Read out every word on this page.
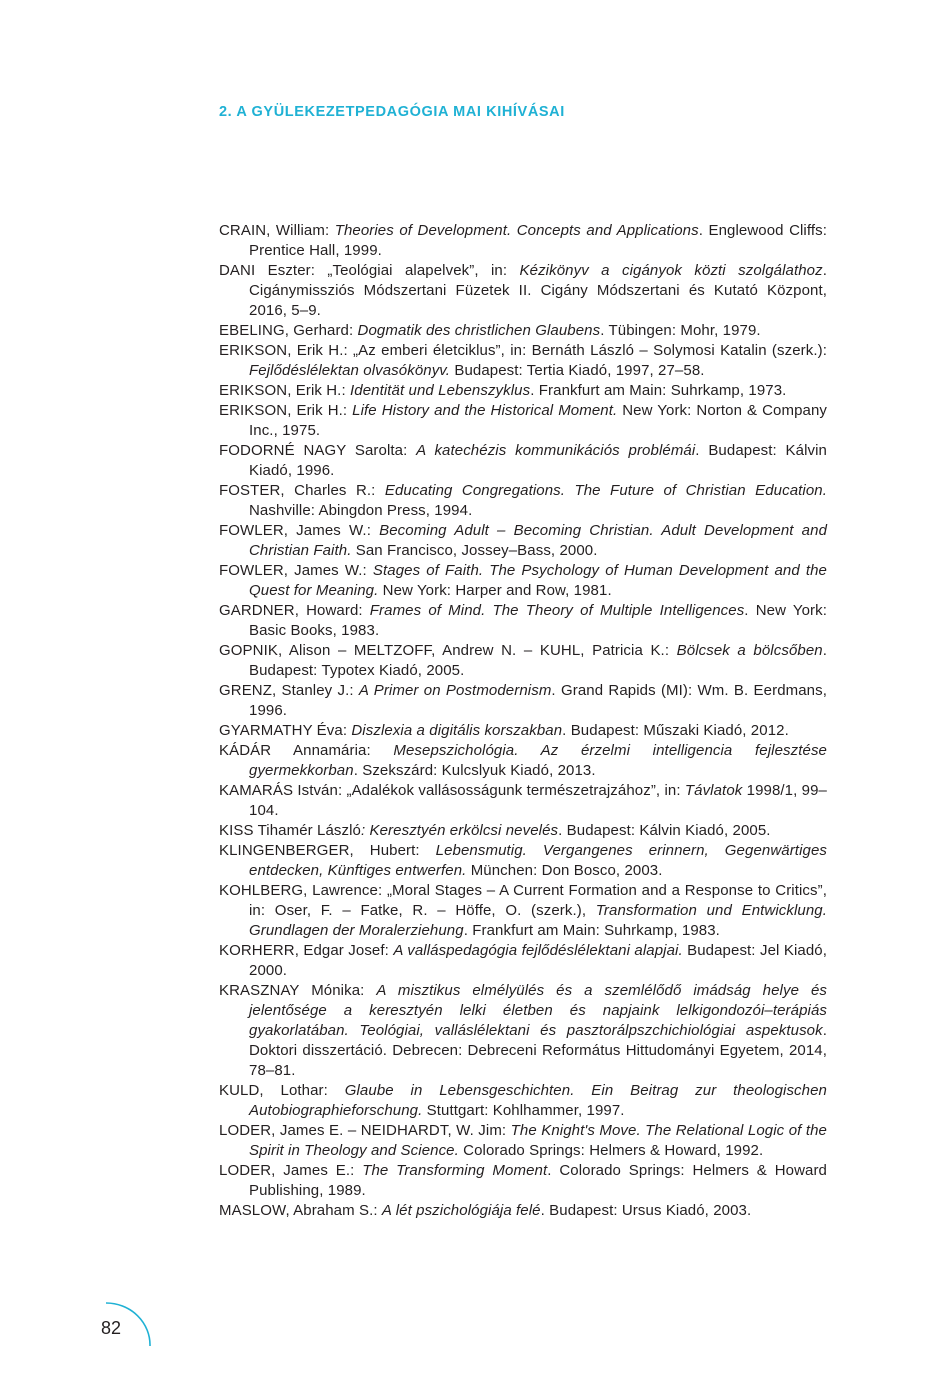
2. A GYÜLEKEZETPEDAGÓGIA MAI KIHÍVÁSAI
CRAIN, William: Theories of Development. Concepts and Applications. Englewood Cliffs: Prentice Hall, 1999.
DANI Eszter: „Teológiai alapelvek”, in: Kézikönyv a cigányok közti szolgálathoz. Cigánymissziós Módszertani Füzetek II. Cigány Módszertani és Kutató Központ, 2016, 5–9.
EBELING, Gerhard: Dogmatik des christlichen Glaubens. Tübingen: Mohr, 1979.
ERIKSON, Erik H.: „Az emberi életciklus”, in: Bernáth László – Solymosi Katalin (szerk.): Fejlődéslélektan olvasókönyv. Budapest: Tertia Kiadó, 1997, 27–58.
ERIKSON, Erik H.: Identität und Lebenszyklus. Frankfurt am Main: Suhrkamp, 1973.
ERIKSON, Erik H.: Life History and the Historical Moment. New York: Norton & Company Inc., 1975.
FODORNÉ NAGY Sarolta: A katechézis kommunikációs problémái. Budapest: Kálvin Kiadó, 1996.
FOSTER, Charles R.: Educating Congregations. The Future of Christian Education. Nashville: Abingdon Press, 1994.
FOWLER, James W.: Becoming Adult – Becoming Christian. Adult Development and Christian Faith. San Francisco, Jossey–Bass, 2000.
FOWLER, James W.: Stages of Faith. The Psychology of Human Development and the Quest for Meaning. New York: Harper and Row, 1981.
GARDNER, Howard: Frames of Mind. The Theory of Multiple Intelligences. New York: Basic Books, 1983.
GOPNIK, Alison – MELTZOFF, Andrew N. – KUHL, Patricia K.: Bölcsek a bölcsőben. Budapest: Typotex Kiadó, 2005.
GRENZ, Stanley J.: A Primer on Postmodernism. Grand Rapids (MI): Wm. B. Eerdmans, 1996.
GYARMATHY Éva: Diszlexia a digitális korszakban. Budapest: Műszaki Kiadó, 2012.
KÁDÁR Annamária: Mesepszichológia. Az érzelmi intelligencia fejlesztése gyermekkorban. Szekszárd: Kulcslyuk Kiadó, 2013.
KAMARÁS István: „Adalékok vallásosságunk természetrajzához”, in: Távlatok 1998/1, 99–104.
KISS Tihamér László: Keresztyén erkölcsi nevelés. Budapest: Kálvin Kiadó, 2005.
KLINGENBERGER, Hubert: Lebensmutig. Vergangenes erinnern, Gegenwärtiges entdecken, Künftiges entwerfen. München: Don Bosco, 2003.
KOHLBERG, Lawrence: „Moral Stages – A Current Formation and a Response to Critics”, in: Oser, F. – Fatke, R. – Höffe, O. (szerk.), Transformation und Entwicklung. Grundlagen der Moralerziehung. Frankfurt am Main: Suhrkamp, 1983.
KORHERR, Edgar Josef: A valláspedagógia fejlődéslélektani alapjai. Budapest: Jel Kiadó, 2000.
KRASZNAY Mónika: A misztikus elmélyülés és a szemlélődő imádság helye és jelentősége a keresztyén lelki életben és napjaink lelkigondozói–terápiás gyakorlatában. Teológiai, valláslélektani és pasztorálpszchichiológiai aspektusok. Doktori disszertáció. Debrecen: Debreceni Református Hittudományi Egyetem, 2014, 78–81.
KULD, Lothar: Glaube in Lebensgeschichten. Ein Beitrag zur theologischen Autobiographieforschung. Stuttgart: Kohlhammer, 1997.
LODER, James E. – NEIDHARDT, W. Jim: The Knight's Move. The Relational Logic of the Spirit in Theology and Science. Colorado Springs: Helmers & Howard, 1992.
LODER, James E.: The Transforming Moment. Colorado Springs: Helmers & Howard Publishing, 1989.
MASLOW, Abraham S.: A lét pszichológiája felé. Budapest: Ursus Kiadó, 2003.
82
